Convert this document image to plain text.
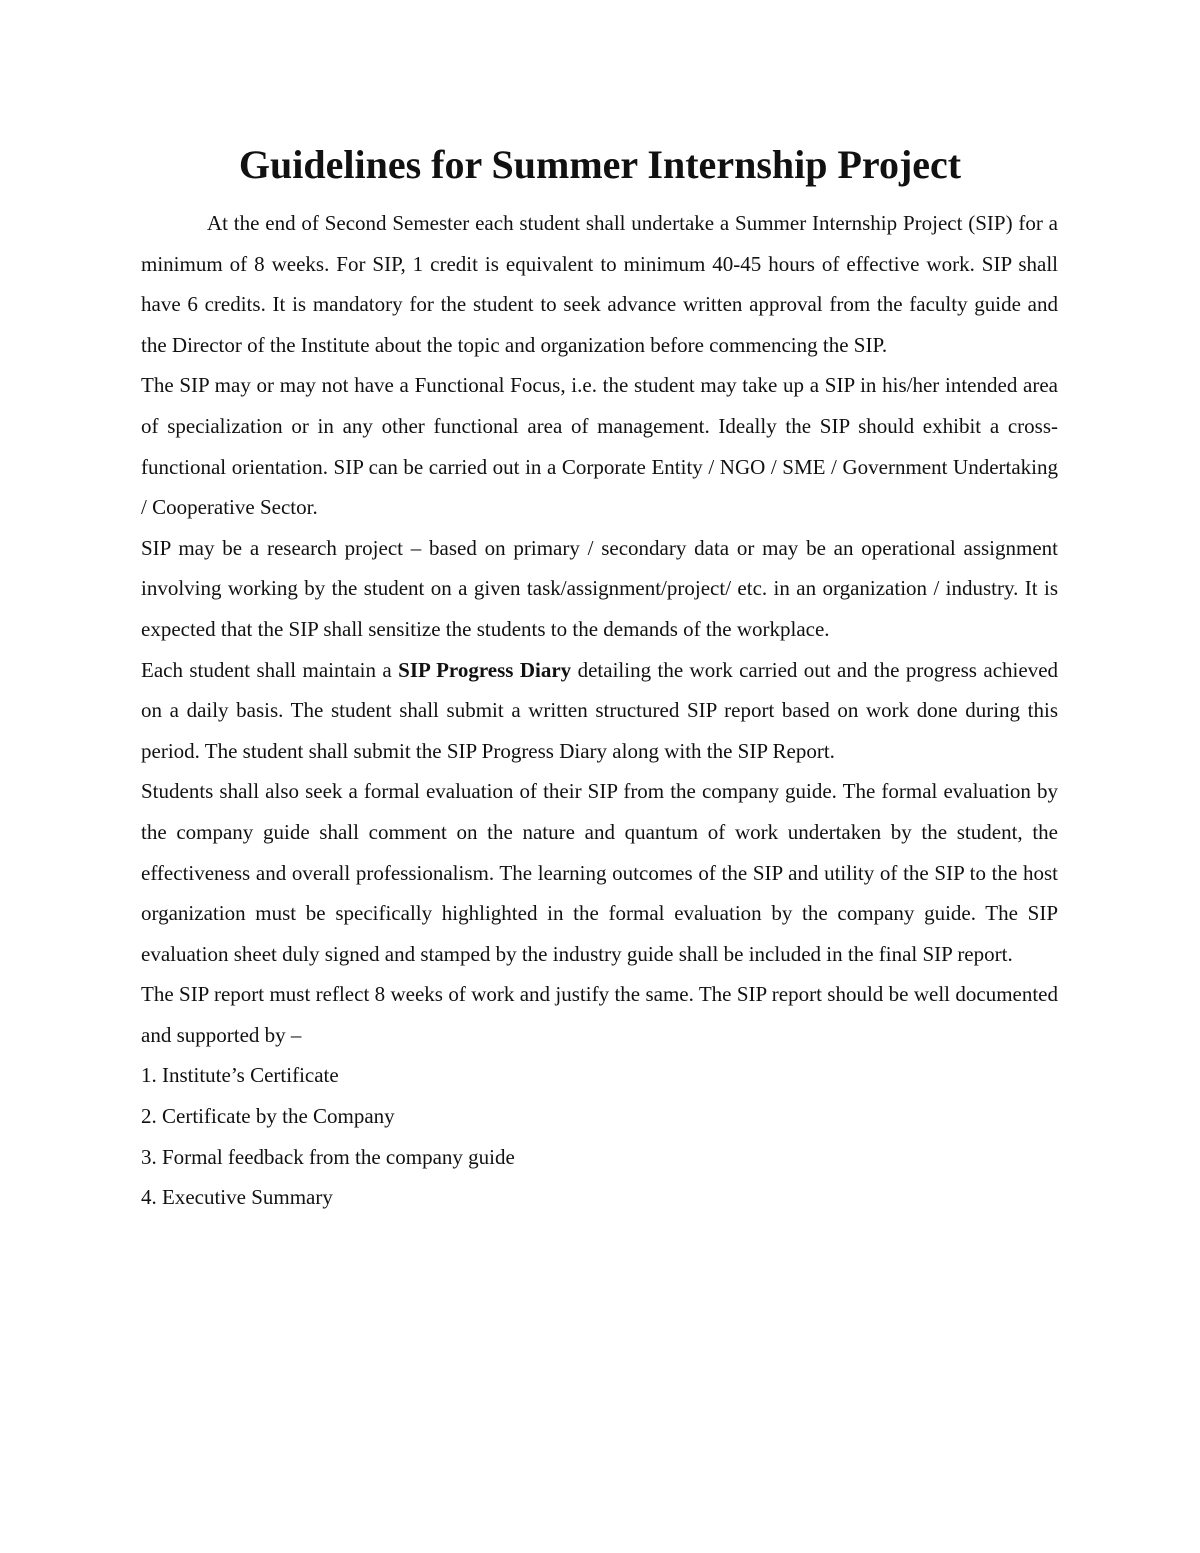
Guidelines for Summer Internship Project

At the end of Second Semester each student shall undertake a Summer Internship Project (SIP) for a minimum of 8 weeks. For SIP, 1 credit is equivalent to minimum 40-45 hours of effective work. SIP shall have 6 credits. It is mandatory for the student to seek advance written approval from the faculty guide and the Director of the Institute about the topic and organization before commencing the SIP.

The SIP may or may not have a Functional Focus, i.e. the student may take up a SIP in his/her intended area of specialization or in any other functional area of management. Ideally the SIP should exhibit a cross-functional orientation. SIP can be carried out in a Corporate Entity / NGO / SME / Government Undertaking / Cooperative Sector.

SIP may be a research project – based on primary / secondary data or may be an operational assignment involving working by the student on a given task/assignment/project/ etc. in an organization / industry. It is expected that the SIP shall sensitize the students to the demands of the workplace.

Each student shall maintain a SIP Progress Diary detailing the work carried out and the progress achieved on a daily basis. The student shall submit a written structured SIP report based on work done during this period. The student shall submit the SIP Progress Diary along with the SIP Report.

Students shall also seek a formal evaluation of their SIP from the company guide. The formal evaluation by the company guide shall comment on the nature and quantum of work undertaken by the student, the effectiveness and overall professionalism. The learning outcomes of the SIP and utility of the SIP to the host organization must be specifically highlighted in the formal evaluation by the company guide. The SIP evaluation sheet duly signed and stamped by the industry guide shall be included in the final SIP report.

The SIP report must reflect 8 weeks of work and justify the same. The SIP report should be well documented and supported by –

1. Institute’s Certificate

2. Certificate by the Company

3. Formal feedback from the company guide

4. Executive Summary
